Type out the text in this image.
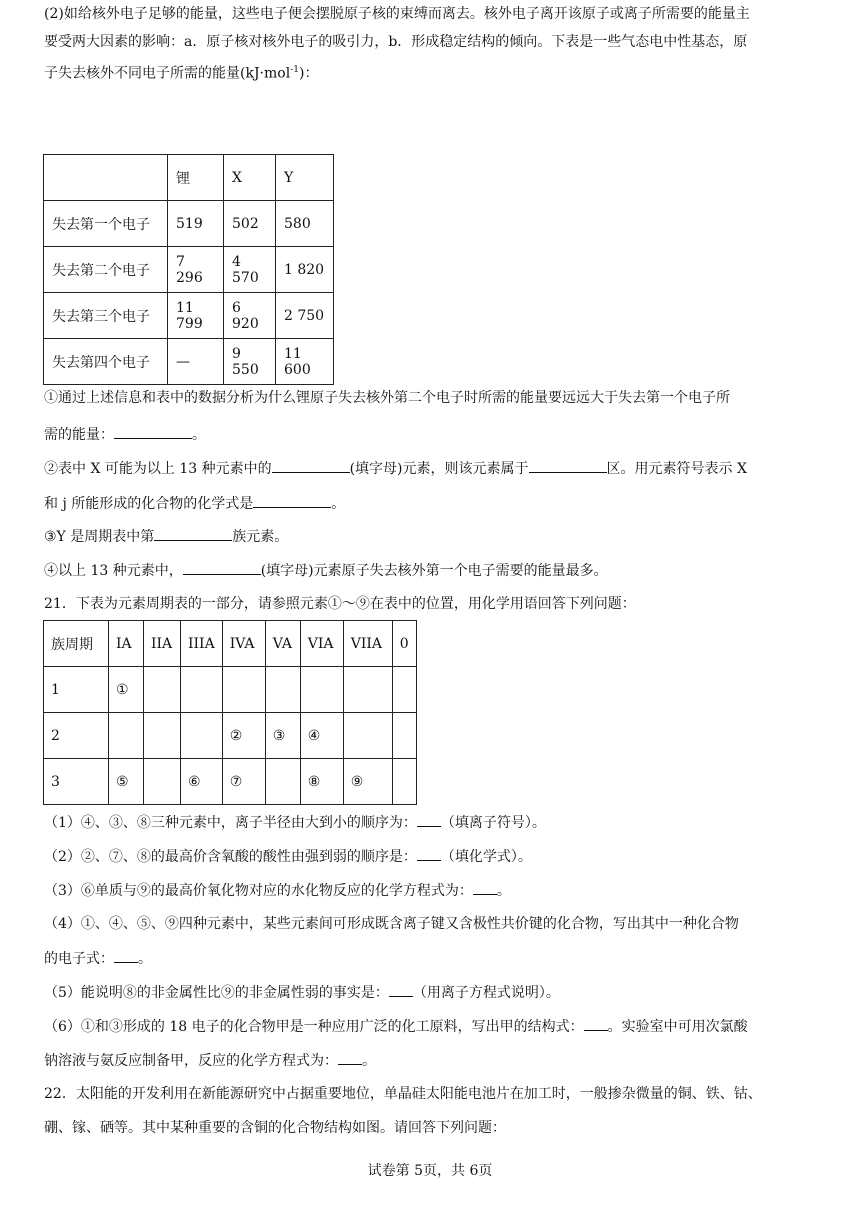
(2)如给核外电子足够的能量，这些电子便会摆脱原子核的束缚而离去。核外电子离开该原子或离子所需要的能量主
要受两大因素的影响：a．原子核对核外电子的吸引力，b．形成稳定结构的倾向。下表是一些气态电中性基态，原
子失去核外不同电子所需的能量(kJ·mol$^{-1}$)：
	锂	X	Y
失去第一个电子	519	502	580
失去第二个电子	7 296	4 570	1 820
失去第三个电子	11 799	6 920	2 750
失去第四个电子	—	9 550	11 600
①通过上述信息和表中的数据分析为什么锂原子失去核外第二个电子时所需的能量要远远大于失去第一个电子所
需的能量：	。
②表中 X 可能为以上 13 种元素中的	(填字母)元素，则该元素属于	区。用元素符号表示 X
和 j 所能形成的化合物的化学式是	。
③Y 是周期表中第	族元素。
④以上 13 种元素中，	(填字母)元素原子失去核外第一个电子需要的能量最多。
21．下表为元素周期表的一部分，请参照元素①～⑨在表中的位置，用化学用语回答下列问题：
族周期	IA	IIA	IIIA	IVA	VA	VIA	VIIA	0
1	①							
2				②	③	④		
3	⑤		⑥	⑦		⑧	⑨	
（1）④、③、⑧三种元素中，离子半径由大到小的顺序为： （填离子符号）。
（2）②、⑦、⑧的最高价含氧酸的酸性由强到弱的顺序是： （填化学式）。
（3）⑥单质与⑨的最高价氧化物对应的水化物反应的化学方程式为： 。
（4）①、④、⑤、⑨四种元素中，某些元素间可形成既含离子键又含极性共价键的化合物，写出其中一种化合物
的电子式： 。
（5）能说明⑧的非金属性比⑨的非金属性弱的事实是： （用离子方程式说明）。
（6）①和③形成的 18 电子的化合物甲是一种应用广泛的化工原料，写出甲的结构式： 。实验室中可用次氯酸
钠溶液与氨反应制备甲，反应的化学方程式为： 。
22．太阳能的开发利用在新能源研究中占据重要地位，单晶硅太阳能电池片在加工时，一般掺杂微量的铜、铁、钴、
硼、镓、硒等。其中某种重要的含铜的化合物结构如图。请回答下列问题：
试卷第 5页，共 6页
